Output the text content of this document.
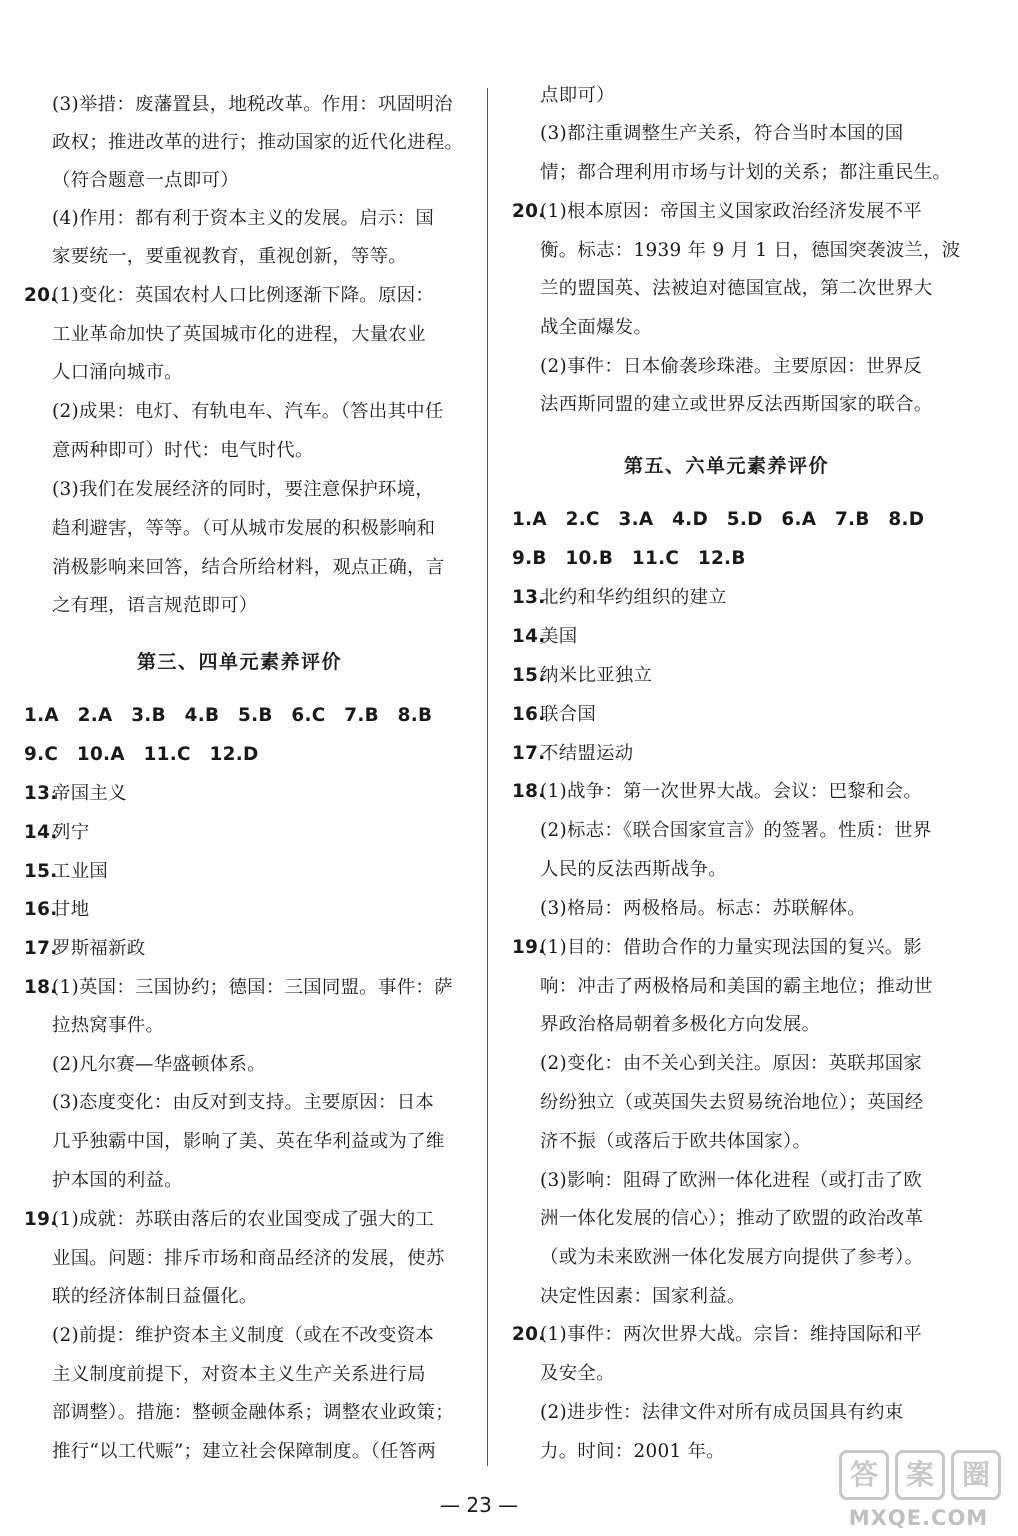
(3)举措：废藩置县，地税改革。作用：巩固明治
政权；推进改革的进行；推动国家的近代化进程。
（符合题意一点即可）
(4)作用：都有利于资本主义的发展。启示：国
家要统一，要重视教育，重视创新，等等。
20.(1)变化：英国农村人口比例逐渐下降。原因：
工业革命加快了英国城市化的进程，大量农业
人口涌向城市。
(2)成果：电灯、有轨电车、汽车。（答出其中任
意两种即可）时代：电气时代。
(3)我们在发展经济的同时，要注意保护环境，
趋利避害，等等。（可从城市发展的积极影响和
消极影响来回答，结合所给材料，观点正确，言
之有理，语言规范即可）
1.A　2.A　3.B　4.B　5.B　6.C　7.B　8.B
9.C　10.A　11.C　12.D
13.帝国主义
14.列宁
15.工业国
16.甘地
17.罗斯福新政
18.(1)英国：三国协约；德国：三国同盟。事件：萨
拉热窝事件。
(2)凡尔赛—华盛顿体系。
(3)态度变化：由反对到支持。主要原因：日本
几乎独霸中国，影响了美、英在华利益或为了维
护本国的利益。
19.(1)成就：苏联由落后的农业国变成了强大的工
业国。问题：排斥市场和商品经济的发展，使苏
联的经济体制日益僵化。
(2)前提：维护资本主义制度（或在不改变资本
主义制度前提下，对资本主义生产关系进行局
部调整）。措施：整顿金融体系；调整农业政策；
推行“以工代赈”；建立社会保障制度。（任答两
点即可）
(3)都注重调整生产关系，符合当时本国的国
情；都合理利用市场与计划的关系；都注重民生。
20.(1)根本原因：帝国主义国家政治经济发展不平
衡。标志：1939 年 9 月 1 日，德国突袭波兰，波
兰的盟国英、法被迫对德国宣战，第二次世界大
战全面爆发。
(2)事件：日本偷袭珍珠港。主要原因：世界反
法西斯同盟的建立或世界反法西斯国家的联合。
1.A　2.C　3.A　4.D　5.D　6.A　7.B　8.D
9.B　10.B　11.C　12.B
13.北约和华约组织的建立
14.美国
15.纳米比亚独立
16.联合国
17.不结盟运动
18.(1)战争：第一次世界大战。会议：巴黎和会。
(2)标志：《联合国家宣言》的签署。性质：世界
人民的反法西斯战争。
(3)格局：两极格局。标志：苏联解体。
19.(1)目的：借助合作的力量实现法国的复兴。影
响：冲击了两极格局和美国的霸主地位；推动世
界政治格局朝着多极化方向发展。
(2)变化：由不关心到关注。原因：英联邦国家
纷纷独立（或英国失去贸易统治地位）；英国经
济不振（或落后于欧共体国家）。
(3)影响：阻碍了欧洲一体化进程（或打击了欧
洲一体化发展的信心）；推动了欧盟的政治改革
（或为未来欧洲一体化发展方向提供了参考）。
决定性因素：国家利益。
20.(1)事件：两次世界大战。宗旨：维持国际和平
及安全。
(2)进步性：法律文件对所有成员国具有约束
力。时间：2001 年。
第三、四单元素养评价
第五、六单元素养评价
— 23 —
答 案 圈
MXQE.COM
